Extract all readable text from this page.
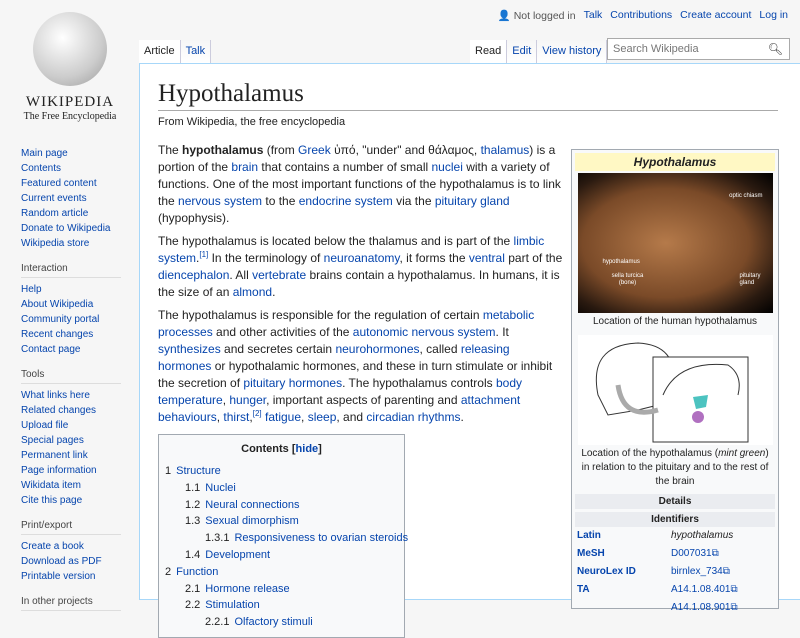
WIKIPEDIA
The Free Encyclopedia
👤 Not logged in Talk Contributions Create account Log in
Article	Talk	Read	Edit	View history	Search Wikipedia	🔍︎
Main page
Contents
Featured content
Current events
Random article
Donate to Wikipedia
Wikipedia store
Interaction
Help
About Wikipedia
Community portal
Recent changes
Contact page
Tools
What links here
Related changes
Upload file
Special pages
Permanent link
Page information
Wikidata item
Cite this page
Print/export
Create a book
Download as PDF
Printable version
In other projects
Hypothalamus
From Wikipedia, the free encyclopedia

The hypothalamus (from Greek ὑπό, "under" and θάλαμος, thalamus) is a portion of the brain that contains a number of small nuclei with a variety of functions. One of the most important functions of the hypothalamus is to link the nervous system to the endocrine system via the pituitary gland (hypophysis).

The hypothalamus is located below the thalamus and is part of the limbic system.[1] In the terminology of neuroanatomy, it forms the ventral part of the diencephalon. All vertebrate brains contain a hypothalamus. In humans, it is the size of an almond.

The hypothalamus is responsible for the regulation of certain metabolic processes and other activities of the autonomic nervous system. It synthesizes and secretes certain neurohormones, called releasing hormones or hypothalamic hormones, and these in turn stimulate or inhibit the secretion of pituitary hormones. The hypothalamus controls body temperature, hunger, important aspects of parenting and attachment behaviours, thirst,[2] fatigue, sleep, and circadian rhythms.

Contents [hide]
1 Structure
1.1 Nuclei
1.2 Neural connections
1.3 Sexual dimorphism
1.3.1 Responsiveness to ovarian steroids
1.4 Development
2 Function
2.1 Hormone release
2.2 Stimulation
2.2.1 Olfactory stimuli
Hypothalamus
optic chiasm
hypothalamus
sella turcica (bone)
pituitary gland
Location of the human hypothalamus
Location of the hypothalamus (mint green) in relation to the pituitary and to the rest of the brain
Details
Identifiers
Latin	hypothalamus
MeSH	D007031 ⧉
NeuroLex ID	birnlex_734 ⧉
TA	A14.1.08.401 ⧉
A14.1.08.901 ⧉
